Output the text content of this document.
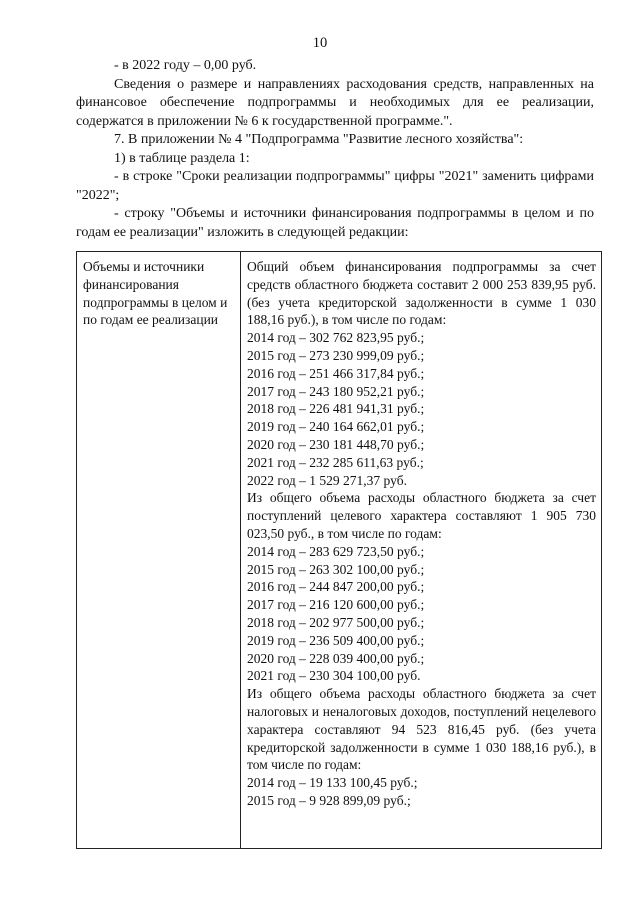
10

- в 2022 году – 0,00 руб.

Сведения о размере и направлениях расходования средств, направленных на финансовое обеспечение подпрограммы и необходимых для ее реализации, содержатся в приложении № 6 к государственной программе.".

7. В приложении № 4 "Подпрограмма "Развитие лесного хозяйства":

1) в таблице раздела 1:

- в строке "Сроки реализации подпрограммы" цифры "2021" заменить цифрами "2022";

- строку "Объемы и источники финансирования подпрограммы в целом и по годам ее реализации" изложить в следующей редакции:

Объемы и источники финансирования подпрограммы в целом и по годам ее реализации
Общий объем финансирования подпрограммы за счет средств областного бюджета составит 2 000 253 839,95 руб. (без учета кредиторской задолженности в сумме 1 030 188,16 руб.), в том числе по годам:
2014 год – 302 762 823,95 руб.;
2015 год – 273 230 999,09 руб.;
2016 год – 251 466 317,84 руб.;
2017 год – 243 180 952,21 руб.;
2018 год – 226 481 941,31 руб.;
2019 год – 240 164 662,01 руб.;
2020 год – 230 181 448,70 руб.;
2021 год – 232 285 611,63 руб.;
2022 год – 1 529 271,37 руб.
Из общего объема расходы областного бюджета за счет поступлений целевого характера составляют 1 905 730 023,50 руб., в том числе по годам:
2014 год – 283 629 723,50 руб.;
2015 год – 263 302 100,00 руб.;
2016 год – 244 847 200,00 руб.;
2017 год – 216 120 600,00 руб.;
2018 год – 202 977 500,00 руб.;
2019 год – 236 509 400,00 руб.;
2020 год – 228 039 400,00 руб.;
2021 год – 230 304 100,00 руб.
Из общего объема расходы областного бюджета за счет налоговых и неналоговых доходов, поступлений нецелевого характера составляют 94 523 816,45 руб. (без учета кредиторской задолженности в сумме 1 030 188,16 руб.), в том числе по годам:
2014 год – 19 133 100,45 руб.;
2015 год – 9 928 899,09 руб.;
